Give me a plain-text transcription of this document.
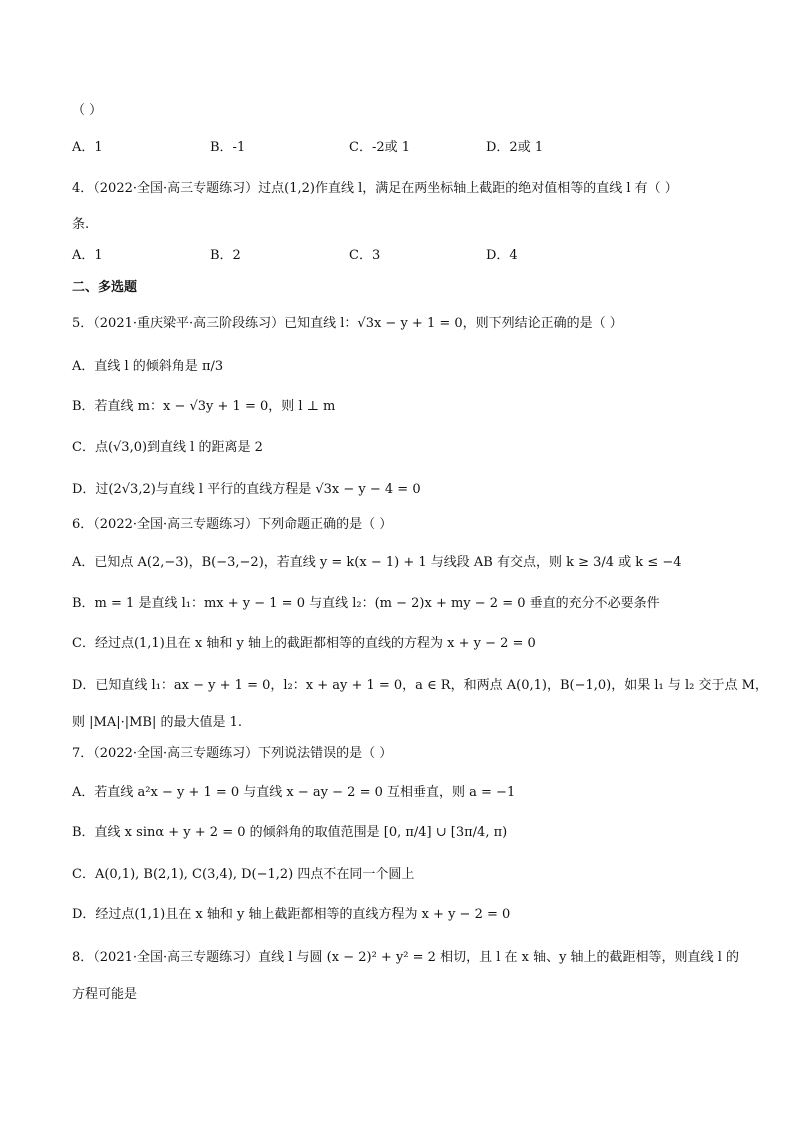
（ ）
A．1	B．-1	C．-2或 1	D．2或 1
4．（2022·全国·高三专题练习）过点(1,2)作直线 l，满足在两坐标轴上截距的绝对值相等的直线 l 有（ ）
条.
A．1	B．2	C．3	D．4
二、多选题
5．（2021·重庆梁平·高三阶段练习）已知直线 l：√3x − y + 1 = 0，则下列结论正确的是（ ）
A．直线 l 的倾斜角是 π/3
B．若直线 m：x − √3y + 1 = 0，则 l ⊥ m
C．点(√3,0)到直线 l 的距离是 2
D．过(2√3,2)与直线 l 平行的直线方程是 √3x − y − 4 = 0
6．（2022·全国·高三专题练习）下列命题正确的是（ ）
A．已知点 A(2,−3)，B(−3,−2)，若直线 y = k(x − 1) + 1 与线段 AB 有交点，则 k ≥ 3/4 或 k ≤ −4
B．m = 1 是直线 l₁：mx + y − 1 = 0 与直线 l₂：(m − 2)x + my − 2 = 0 垂直的充分不必要条件
C．经过点(1,1)且在 x 轴和 y 轴上的截距都相等的直线的方程为 x + y − 2 = 0
D．已知直线 l₁：ax − y + 1 = 0，l₂：x + ay + 1 = 0，a ∈ R，和两点 A(0,1)，B(−1,0)，如果 l₁ 与 l₂ 交于点 M，
则 |MA|·|MB| 的最大值是 1.
7．（2022·全国·高三专题练习）下列说法错误的是（ ）
A．若直线 a²x − y + 1 = 0 与直线 x − ay − 2 = 0 互相垂直，则 a = −1
B．直线 x sinα + y + 2 = 0 的倾斜角的取值范围是 [0, π/4] ∪ [3π/4, π)
C．A(0,1), B(2,1), C(3,4), D(−1,2) 四点不在同一个圆上
D．经过点(1,1)且在 x 轴和 y 轴上截距都相等的直线方程为 x + y − 2 = 0
8．（2021·全国·高三专题练习）直线 l 与圆 (x − 2)² + y² = 2 相切，且 l 在 x 轴、y 轴上的截距相等，则直线 l 的
方程可能是
